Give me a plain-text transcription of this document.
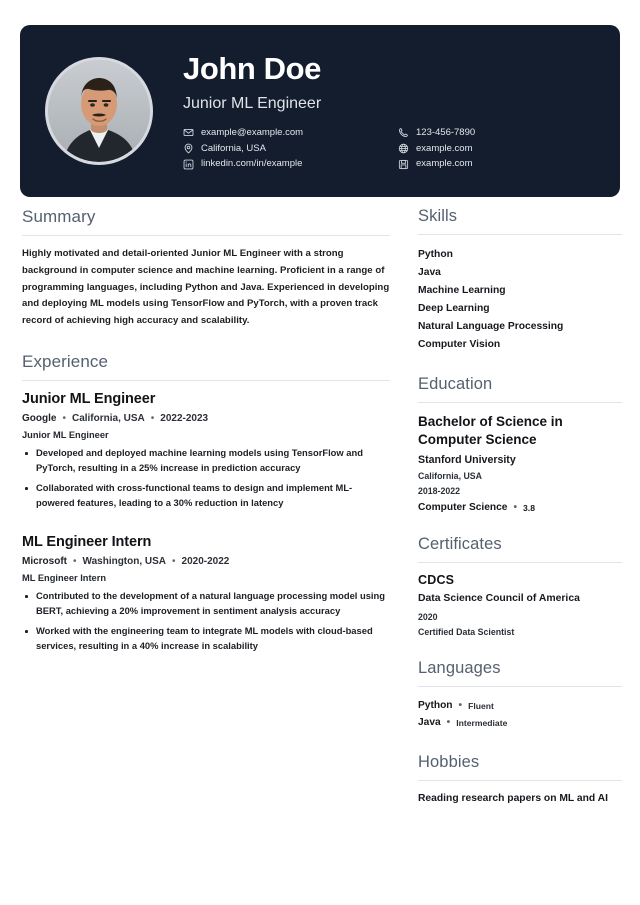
John Doe
Junior ML Engineer
example@example.com
California, USA
linkedin.com/in/example
123-456-7890
example.com
example.com
Summary
Highly motivated and detail-oriented Junior ML Engineer with a strong background in computer science and machine learning. Proficient in a range of programming languages, including Python and Java. Experienced in developing and deploying ML models using TensorFlow and PyTorch, with a proven track record of achieving high accuracy and scalability.
Experience
Junior ML Engineer
Google • California, USA • 2022-2023
Junior ML Engineer
Developed and deployed machine learning models using TensorFlow and PyTorch, resulting in a 25% increase in prediction accuracy
Collaborated with cross-functional teams to design and implement ML-powered features, leading to a 30% reduction in latency
ML Engineer Intern
Microsoft • Washington, USA • 2020-2022
ML Engineer Intern
Contributed to the development of a natural language processing model using BERT, achieving a 20% improvement in sentiment analysis accuracy
Worked with the engineering team to integrate ML models with cloud-based services, resulting in a 40% increase in scalability
Skills
Python
Java
Machine Learning
Deep Learning
Natural Language Processing
Computer Vision
Education
Bachelor of Science in Computer Science
Stanford University
California, USA
2018-2022
Computer Science • 3.8
Certificates
CDCS
Data Science Council of America
2020
Certified Data Scientist
Languages
Python • Fluent
Java • Intermediate
Hobbies
Reading research papers on ML and AI
